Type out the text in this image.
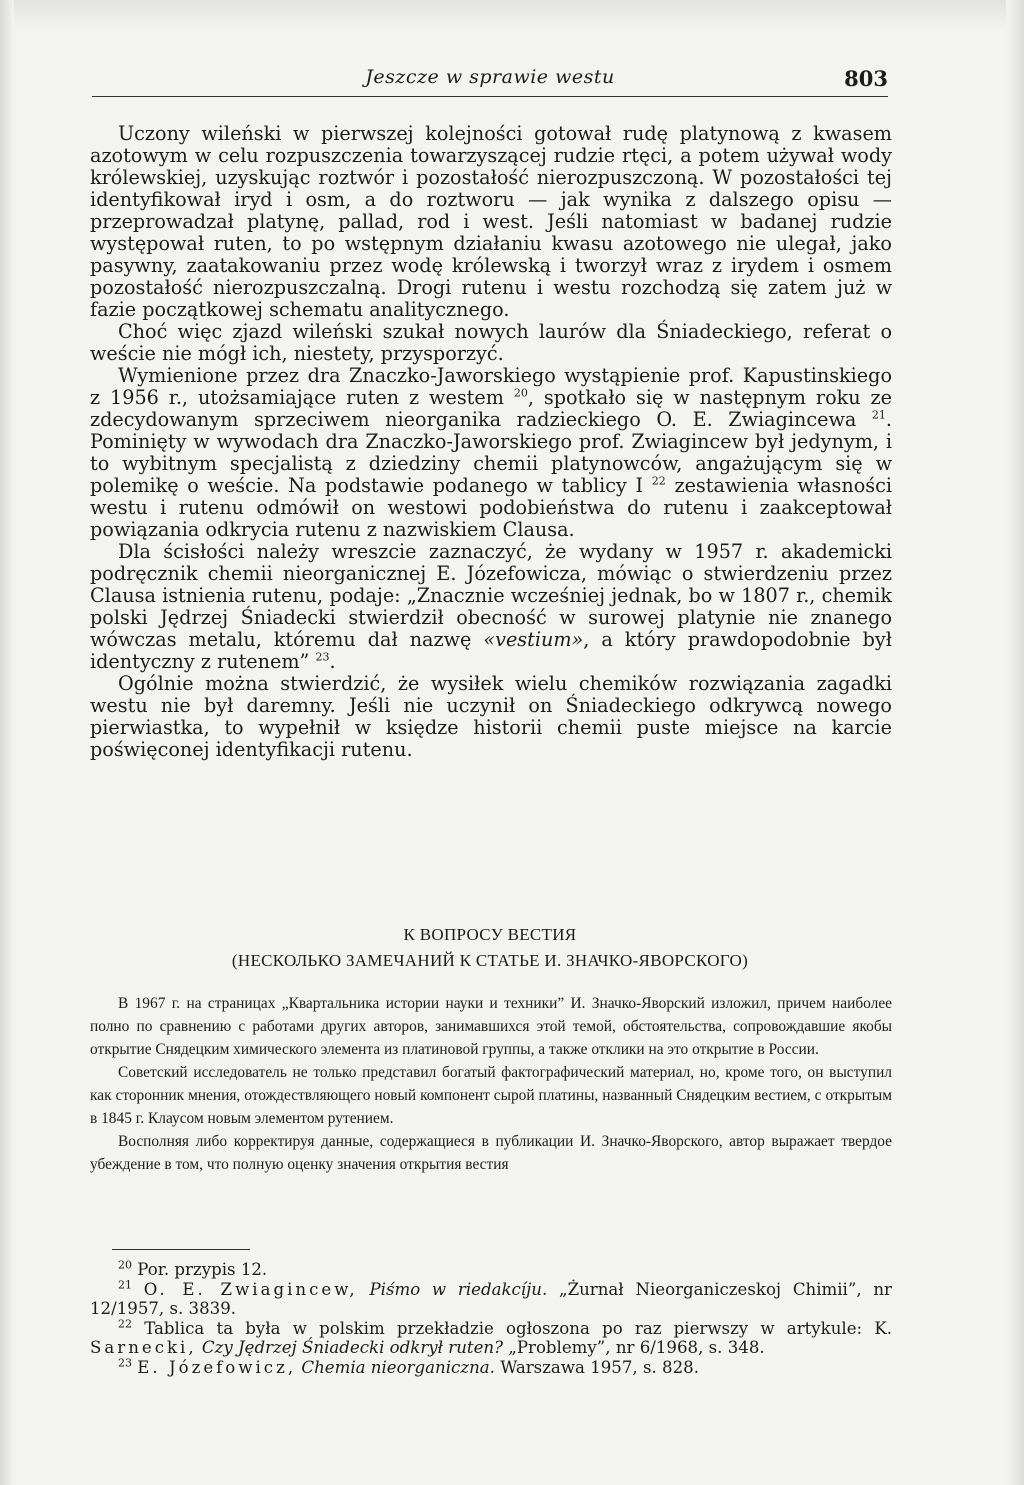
Jeszcze w sprawie westu	803

Uczony wileński w pierwszej kolejności gotował rudę platynową z kwasem azotowym w celu rozpuszczenia towarzyszącej rudzie rtęci, a potem używał wody królewskiej, uzyskując roztwór i pozostałość nierozpuszczoną. W pozostałości tej identyfikował iryd i osm, a do roztworu — jak wynika z dalszego opisu — przeprowadzał platynę, pallad, rod i west. Jeśli natomiast w badanej rudzie występował ruten, to po wstępnym działaniu kwasu azotowego nie ulegał, jako pasywny, zaatakowaniu przez wodę królewską i tworzył wraz z irydem i osmem pozostałość nierozpuszczalną. Drogi rutenu i westu rozchodzą się zatem już w fazie początkowej schematu analitycznego.

Choć więc zjazd wileński szukał nowych laurów dla Śniadeckiego, referat o weście nie mógł ich, niestety, przysporzyć.

Wymienione przez dra Znaczko-Jaworskiego wystąpienie prof. Kapustinskiego z 1956 r., utożsamiające ruten z westem $^{20}$, spotkało się w następnym roku ze zdecydowanym sprzeciwem nieorganika radzieckiego O. E. Zwiagincewa $^{21}$. Pominięty w wywodach dra Znaczko-Jaworskiego prof. Zwiagincew był jedynym, i to wybitnym specjalistą z dziedziny chemii platynowców, angażującym się w polemikę o weście. Na podstawie podanego w tablicy I $^{22}$ zestawienia własności westu i rutenu odmówił on westowi podobieństwa do rutenu i zaakceptował powiązania odkrycia rutenu z nazwiskiem Clausa.

Dla ścisłości należy wreszcie zaznaczyć, że wydany w 1957 r. akademicki podręcznik chemii nieorganicznej E. Józefowicza, mówiąc o stwierdzeniu przez Clausa istnienia rutenu, podaje: „Znacznie wcześniej jednak, bo w 1807 r., chemik polski Jędrzej Śniadecki stwierdził obecność w surowej platynie nie znanego wówczas metalu, któremu dał nazwę «vestium», a który prawdopodobnie był identyczny z rutenem” $^{23}$.

Ogólnie można stwierdzić, że wysiłek wielu chemików rozwiązania zagadki westu nie był daremny. Jeśli nie uczynił on Śniadeckiego odkrywcą nowego pierwiastka, to wypełnił w księdze historii chemii puste miejsce na karcie poświęconej identyfikacji rutenu.

К ВОПРОСУ ВЕСТИЯ
(НЕСКОЛЬКО ЗАМЕЧАНИЙ К СТАТЬЕ И. ЗНАЧКО-ЯВОРСКОГО)

В 1967 г. на страницах „Квартальника истории науки и техники” И. Значко-Яворский изложил, причем наиболее полно по сравнению с работами других авторов, занимавшихся этой темой, обстоятельства, сопровождавшие якобы открытие Снядецким химического элемента из платиновой группы, а также отклики на это открытие в России.

Советский исследователь не только представил богатый фактографический материал, но, кроме того, он выступил как сторонник мнения, отождествляющего новый компонент сырой платины, названный Снядецким вестием, с открытым в 1845 г. Клаусом новым элементом рутением.

Восполняя либо корректируя данные, содержащиеся в публикации И. Значко-Яворского, автор выражает твердое убеждение в том, что полную оценку значения открытия вестия

$^{20}$ Por. przypis 12.

$^{21}$ O. E. Zwiagincew, Piśmo w riedakcíju. „Żurnał Nieorganiczeskoj Chimii”, nr 12/1957, s. 3839.

$^{22}$ Tablica ta była w polskim przekładzie ogłoszona po raz pierwszy w artykule: K. Sarnecki, Czy Jędrzej Śniadecki odkrył ruten? „Problemy”, nr 6/1968, s. 348.

$^{23}$ E. Józefowicz, Chemia nieorganiczna. Warszawa 1957, s. 828.
